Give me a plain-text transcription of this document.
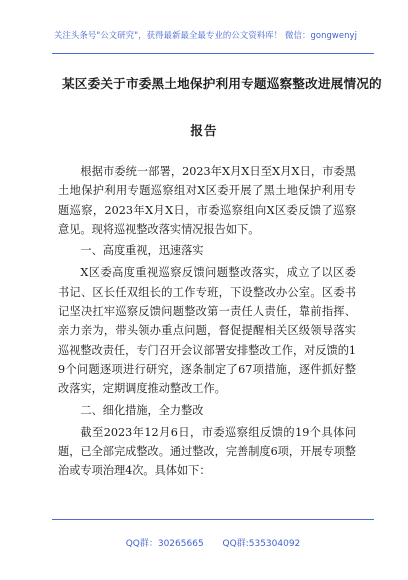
关注头条号"公文研究"，获得最新最全最专业的公文资料库！ 微信：gongwenyj
某区委关于市委黑土地保护利用专题巡察整改进展情况的
报告

根据市委统一部署，2023年X月X日至X月X日，市委黑土地保护利用专题巡察组对X区委开展了黑土地保护利用专题巡察，2023年X月X日，市委巡察组向X区委反馈了巡察意见。现将巡视整改落实情况报告如下。

一、高度重视，迅速落实

X区委高度重视巡察反馈问题整改落实，成立了以区委书记、区长任双组长的工作专班，下设整改办公室。区委书记坚决扛牢巡察反馈问题整改第一责任人责任，靠前指挥、亲力亲为，带头领办重点问题，督促提醒相关区级领导落实巡视整改责任，专门召开会议部署安排整改工作，对反馈的19个问题逐项进行研究，逐条制定了67项措施，逐件抓好整改落实，定期调度推动整改工作。

二、细化措施，全力整改

截至2023年12月6日，市委巡察组反馈的19个具体问题，已全部完成整改。通过整改，完善制度6项，开展专项整治或专项治理4次。具体如下：

QQ群：30265665 QQ群:535304092
